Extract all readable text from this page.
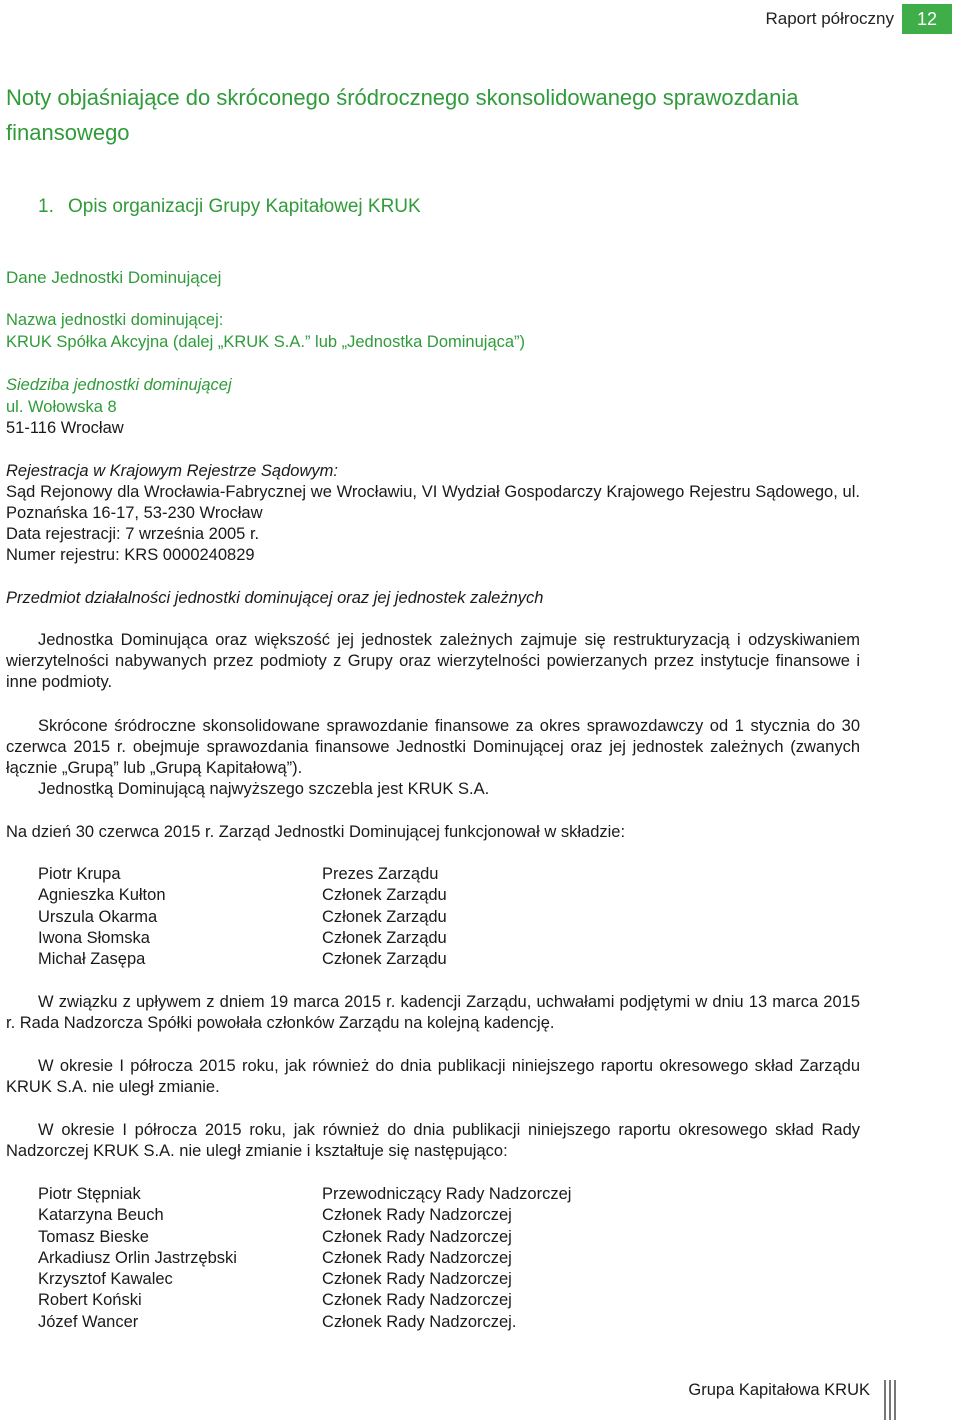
Raport półroczny	12
Noty objaśniające do skróconego śródrocznego skonsolidowanego sprawozdania finansowego
1. Opis organizacji Grupy Kapitałowej KRUK
Dane Jednostki Dominującej
Nazwa jednostki dominującej:
KRUK Spółka Akcyjna (dalej „KRUK S.A.” lub „Jednostka Dominująca”)
Siedziba jednostki dominującej
ul. Wołowska 8
51-116 Wrocław
Rejestracja w Krajowym Rejestrze Sądowym:
Sąd Rejonowy dla Wrocławia-Fabrycznej we Wrocławiu, VI Wydział Gospodarczy Krajowego Rejestru Sądowego, ul. Poznańska 16-17, 53-230 Wrocław
Data rejestracji: 7 września 2005 r.
Numer rejestru: KRS 0000240829
Przedmiot działalności jednostki dominującej oraz jej jednostek zależnych
Jednostka Dominująca oraz większość jej jednostek zależnych zajmuje się restrukturyzacją i odzyskiwaniem wierzytelności nabywanych przez podmioty z Grupy oraz wierzytelności powierzanych przez instytucje finansowe i inne podmioty.
Skrócone śródroczne skonsolidowane sprawozdanie finansowe za okres sprawozdawczy od 1 stycznia do 30 czerwca 2015 r. obejmuje sprawozdania finansowe Jednostki Dominującej oraz jej jednostek zależnych (zwanych łącznie „Grupą” lub „Grupą Kapitałową”).
Jednostką Dominującą najwyższego szczebla jest KRUK S.A.
Na dzień 30 czerwca 2015 r. Zarząd Jednostki Dominującej funkcjonował w składzie:
Piotr Krupa	Prezes Zarządu
Agnieszka Kułton	Członek Zarządu
Urszula Okarma	Członek Zarządu
Iwona Słomska	Członek Zarządu
Michał Zasępa	Członek Zarządu
W związku z upływem z dniem 19 marca 2015 r. kadencji Zarządu, uchwałami podjętymi w dniu 13 marca 2015 r. Rada Nadzorcza Spółki powołała członków Zarządu na kolejną kadencję.
W okresie I półrocza 2015 roku, jak również do dnia publikacji niniejszego raportu okresowego skład Zarządu KRUK S.A. nie uległ zmianie.
W okresie I półrocza 2015 roku, jak również do dnia publikacji niniejszego raportu okresowego skład Rady Nadzorczej KRUK S.A. nie uległ zmianie i kształtuje się następująco:
Piotr Stępniak	Przewodniczący Rady Nadzorczej
Katarzyna Beuch	Członek Rady Nadzorczej
Tomasz Bieske	Członek Rady Nadzorczej
Arkadiusz Orlin Jastrzębski	Członek Rady Nadzorczej
Krzysztof Kawalec	Członek Rady Nadzorczej
Robert Koński	Członek Rady Nadzorczej
Józef Wancer	Członek Rady Nadzorczej.
Grupa Kapitałowa KRUK
